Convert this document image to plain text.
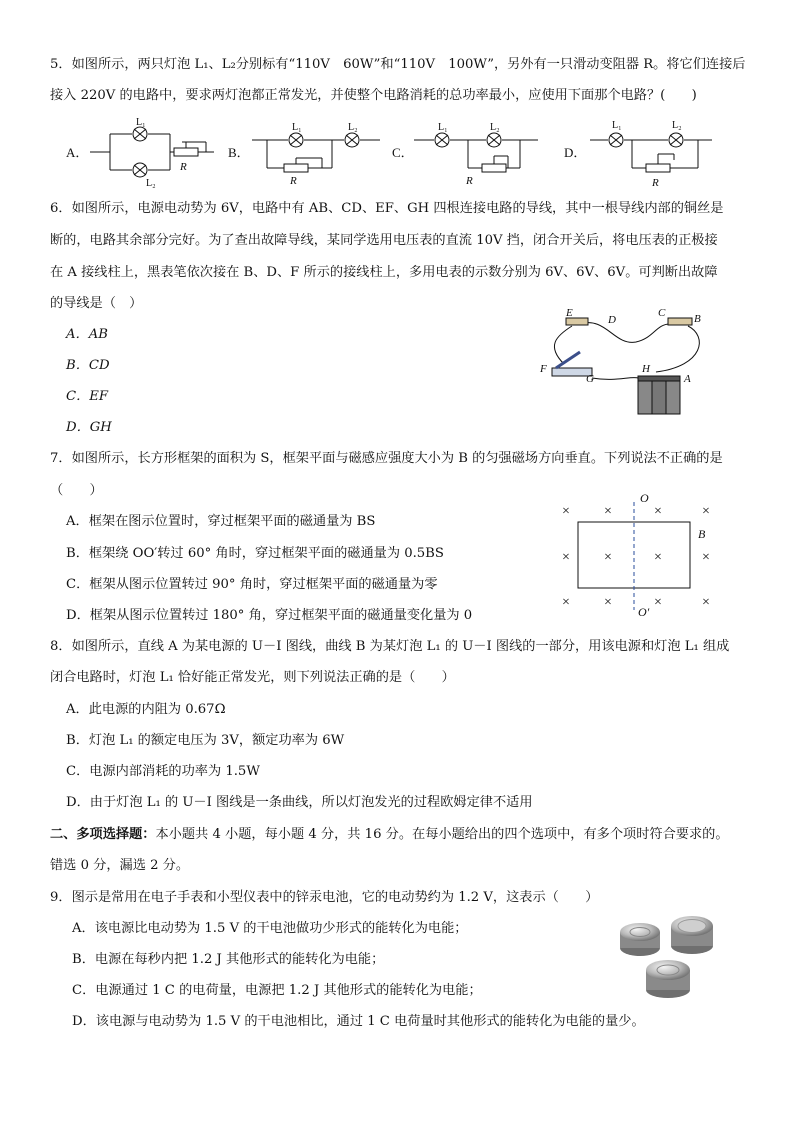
5．如图所示，两只灯泡 L₁、L₂分别标有“110V　60W”和“110V　100W”，另外有一只滑动变阻器 R。将它们连接后
接入 220V 的电路中，要求两灯泡都正常发光，并使整个电路消耗的总功率最小，应使用下面那个电路？(　　)
A．
L₁
L₂
R
B．
L₁	L₂
R
C．
L₁	L₂
R
D．
L₁	L₂
R
6．如图所示，电源电动势为 6V，电路中有 AB、CD、EF、GH 四根连接电路的导线，其中一根导线内部的铜丝是
断的，电路其余部分完好。为了查出故障导线，某同学选用电压表的直流 10V 挡，闭合开关后，将电压表的正极接
在 A 接线柱上，黑表笔依次接在 B、D、F 所示的接线柱上，多用电表的示数分别为 6V、6V、6V。可判断出故障
的导线是（　）
A．AB
B．CD
C．EF
D．GH
E
D
C	B
F
G
H
A
7．如图所示，长方形框架的面积为 S，框架平面与磁感应强度大小为 B 的匀强磁场方向垂直。下列说法不正确的是
（　　）
A．框架在图示位置时，穿过框架平面的磁通量为 BS
B．框架绕 OO′转过 60° 角时，穿过框架平面的磁通量为 0.5BS
C．框架从图示位置转过 90° 角时，穿过框架平面的磁通量为零
D．框架从图示位置转过 180° 角，穿过框架平面的磁通量变化量为 0
× ×	×	×
× ×	×	×
× ×	×	×
O
O′
B
8．如图所示，直线 A 为某电源的 U－I 图线，曲线 B 为某灯泡 L₁ 的 U－I 图线的一部分，用该电源和灯泡 L₁ 组成
闭合电路时，灯泡 L₁ 恰好能正常发光，则下列说法正确的是（　　）
A．此电源的内阻为 0.67Ω
B．灯泡 L₁ 的额定电压为 3V，额定功率为 6W
C．电源内部消耗的功率为 1.5W
D．由于灯泡 L₁ 的 U－I 图线是一条曲线，所以灯泡发光的过程欧姆定律不适用
二、多项选择题：本小题共 4 小题，每小题 4 分，共 16 分。在每小题给出的四个选项中，有多个项时符合要求的。
错选 0 分，漏选 2 分。
9．图示是常用在电子手表和小型仪表中的锌汞电池，它的电动势约为 1.2 V，这表示（　　）
A．该电源比电动势为 1.5 V 的干电池做功少形式的能转化为电能；
B．电源在每秒内把 1.2 J 其他形式的能转化为电能；
C．电源通过 1 C 的电荷量，电源把 1.2 J 其他形式的能转化为电能；
D．该电源与电动势为 1.5 V 的干电池相比，通过 1 C 电荷量时其他形式的能转化为电能的量少。
